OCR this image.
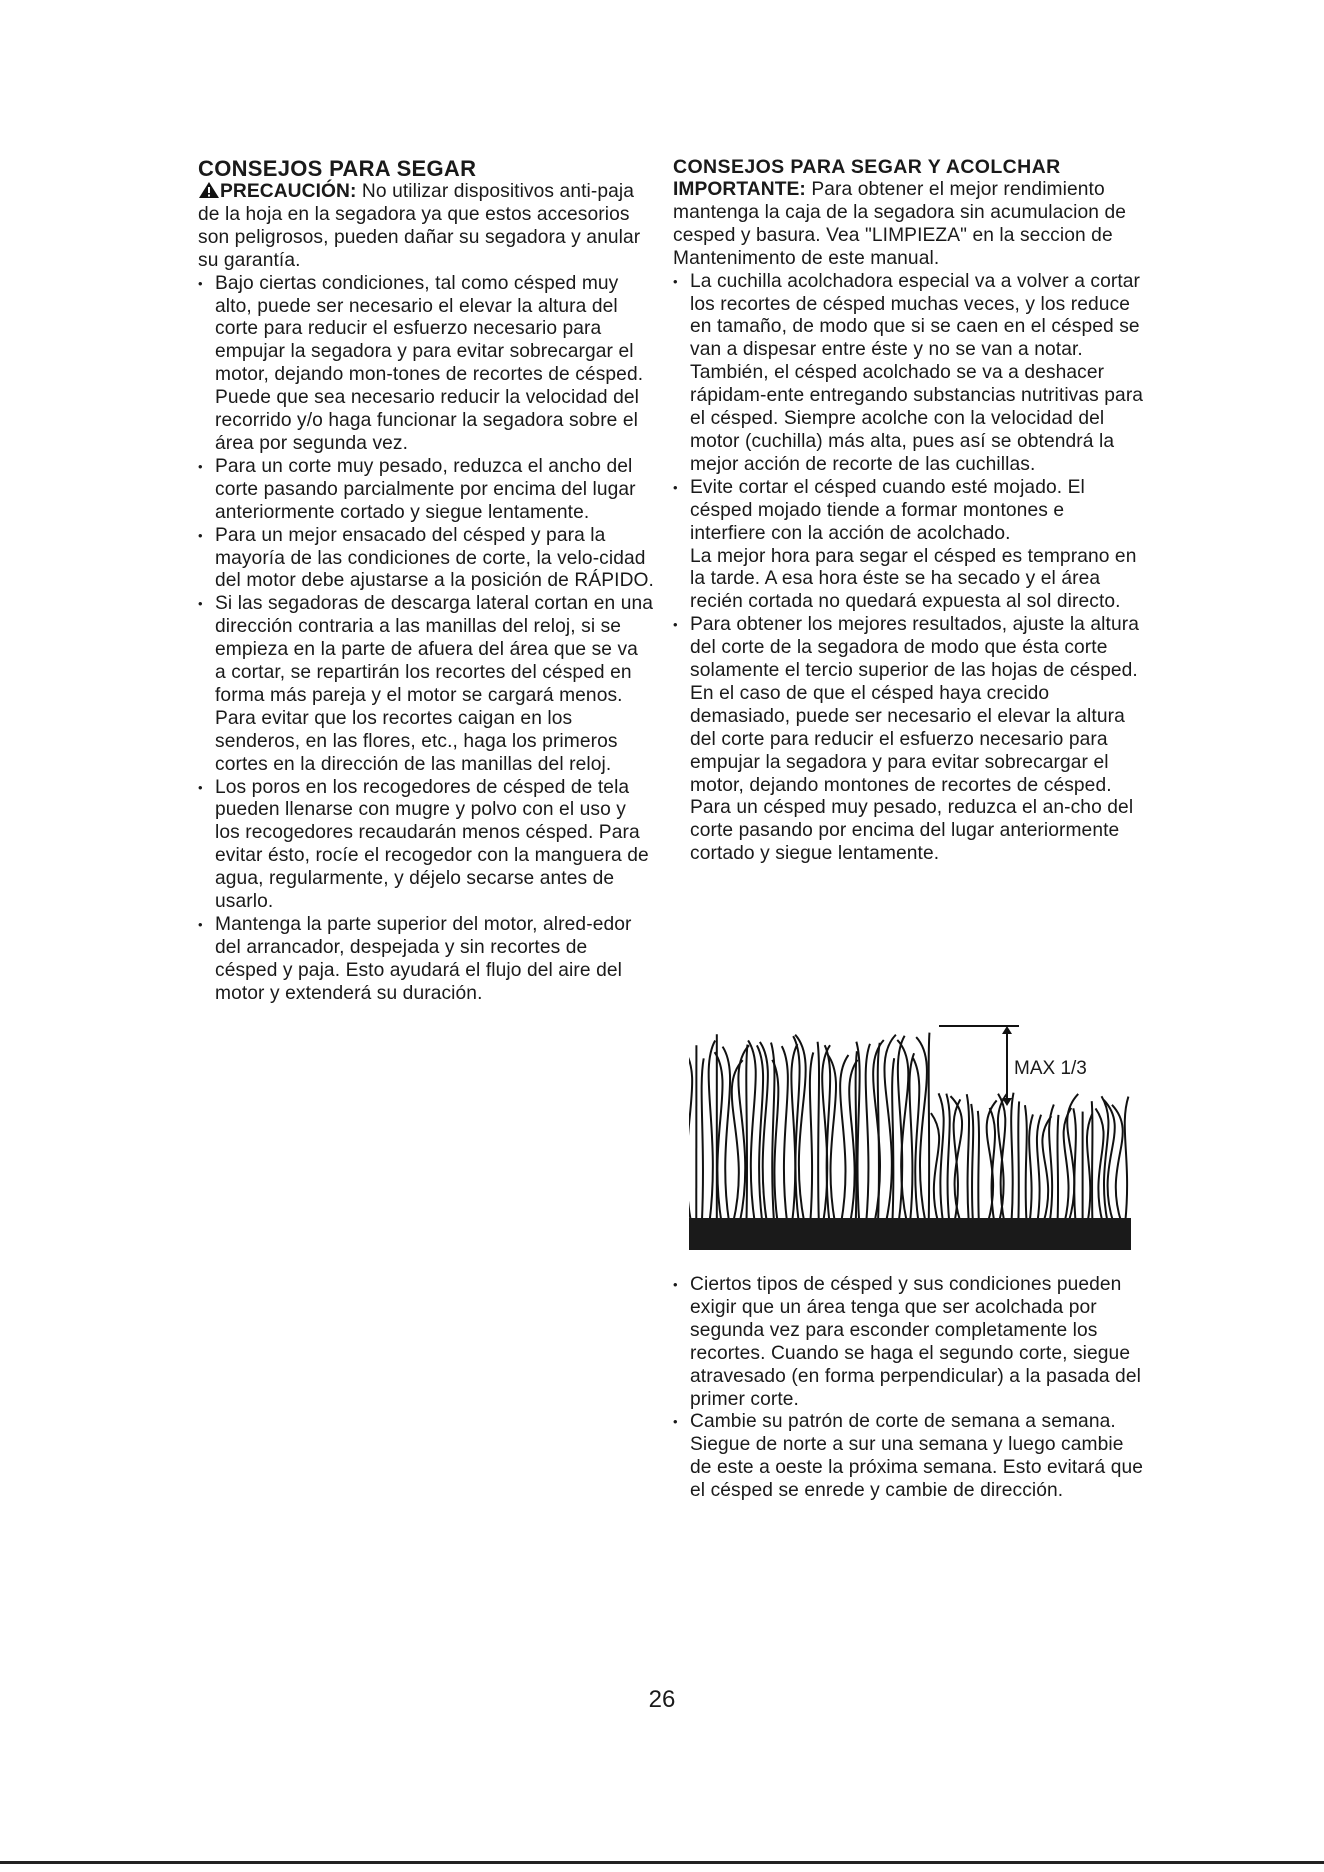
CONSEJOS PARA SEGAR

PRECAUCIÓN: No utilizar dispositivos anti-paja de la hoja en la segadora ya que estos accesorios son peligrosos, pueden dañar su segadora y anular su garantía.

• Bajo ciertas condiciones, tal como césped muy alto, puede ser necesario el elevar la altura del corte para reducir el esfuerzo necesario para empujar la segadora y para evitar sobrecargar el motor, dejando mon-tones de recortes de césped. Puede que sea necesario reducir la velocidad del recorrido y/o haga funcionar la segadora sobre el área por segunda vez.
• Para un corte muy pesado, reduzca el ancho del corte pasando parcialmente por encima del lugar anteriormente cortado y siegue lentamente.
• Para un mejor ensacado del césped y para la mayoría de las condiciones de corte, la velo-cidad del motor debe ajustarse a la posición de RÁPIDO.
• Si las segadoras de descarga lateral cortan en una dirección contraria a las manillas del reloj, si se empieza en la parte de afuera del área que se va a cortar, se repartirán los recortes del césped en forma más pareja y el motor se cargará menos. Para evitar que los recortes caigan en los senderos, en las flores, etc., haga los primeros cortes en la dirección de las manillas del reloj.
• Los poros en los recogedores de césped de tela pueden llenarse con mugre y polvo con el uso y los recogedores recaudarán menos césped. Para evitar ésto, rocíe el recogedor con la manguera de agua, regularmente, y déjelo secarse antes de usarlo.
• Mantenga la parte superior del motor, alred-edor del arrancador, despejada y sin recortes de césped y paja. Esto ayudará el flujo del aire del motor y extenderá su duración.
CONSEJOS PARA SEGAR Y ACOLCHAR

IMPORTANTE: Para obtener el mejor rendimiento mantenga la caja de la segadora sin acumulacion de cesped y basura. Vea "LIMPIEZA" en la seccion de Mantenimento de este manual.

• La cuchilla acolchadora especial va a volver a cortar los recortes de césped muchas veces, y los reduce en tamaño, de modo que si se caen en el césped se van a dispesar entre éste y no se van a notar. También, el césped acolchado se va a deshacer rápidam-ente entregando substancias nutritivas para el césped. Siempre acolche con la velocidad del motor (cuchilla) más alta, pues así se obtendrá la mejor acción de recorte de las cuchillas.
• Evite cortar el césped cuando esté mojado. El césped mojado tiende a formar montones e interfiere con la acción de acolchado.

La mejor hora para segar el césped es temprano en la tarde. A esa hora éste se ha secado y el área recién cortada no quedará expuesta al sol directo.

• Para obtener los mejores resultados, ajuste la altura del corte de la segadora de modo que ésta corte solamente el tercio superior de las hojas de césped. En el caso de que el césped haya crecido demasiado, puede ser necesario el elevar la altura del corte para reducir el esfuerzo necesario para empujar la segadora y para evitar sobrecargar el motor, dejando montones de recortes de césped.

Para un césped muy pesado, reduzca el an-cho del corte pasando por encima del lugar anteriormente cortado y siegue lentamente.

MAX 1/3
• Ciertos tipos de césped y sus condiciones pueden exigir que un área tenga que ser acolchada por segunda vez para esconder completamente los recortes. Cuando se haga el segundo corte, siegue atravesado (en forma perpendicular) a la pasada del primer corte.
• Cambie su patrón de corte de semana a semana. Siegue de norte a sur una semana y luego cambie de este a oeste la próxima semana. Esto evitará que el césped se enrede y cambie de dirección.
26
